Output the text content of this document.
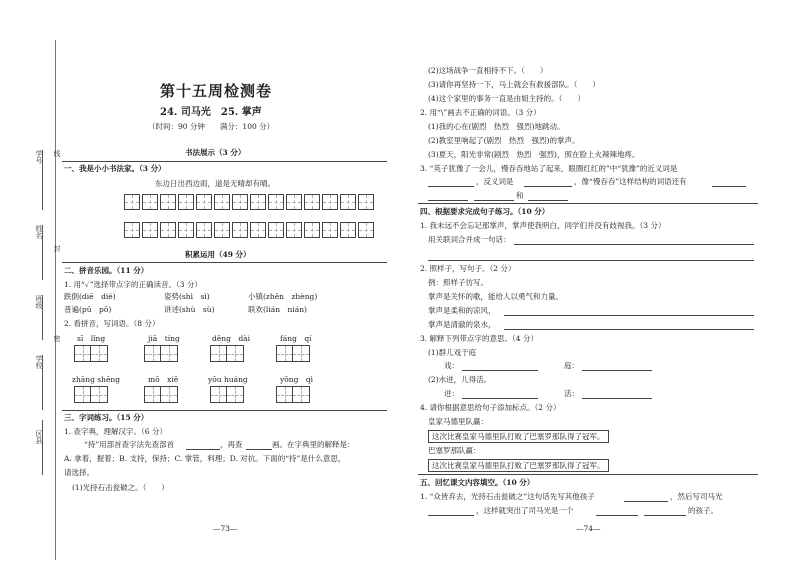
学号 线
姓名
封
班级
密
学校
区县
第十五周检测卷
24. 司马光　25. 掌声
（时间：90 分钟　　满分：100 分）
书法展示（3 分）
一、我是小小书法家。（3 分）
东边日出西边雨，道是无晴却有晴。
积累运用（49 分）
二、拼音乐园。（11 分）
1. 用“✓”选择带点字的正确读音。（3 分）
跌倒(diē　dié)	姿势(shì　sì)	小镇(zhēn　zhèng)
普遍(pǔ　pō)	讲述(shù　sù)	联欢(lián　nián)
2. 看拼音，写词语。（8 分）
sī　lǐng	jiā　tíng	děng　dài	fáng　qí
zhāng shēng	mō　xiě	yōu huáng	yǒng　qì
三、字词练习。（15 分）
1. 查字典，理解汉字。（6 分）
“持”用部首查字法先查部首	，再查	画。在字典里的解释是：
A. 拿着，握着；B. 支持，保持；C. 掌管，料理；D. 对抗。下面的“持”是什么意思，
请选择。
(1)光持石击瓮破之。（　　）
—73—
(2)这场战争一直相持不下。（　　）
(3)请你再坚持一下，马上就会有救援部队。（　　）
(4)这个家里的事务一直是由姐主持的。（　　）
2. 用“\”画去不正确的词语。（3 分）
(1)我的心在(剧烈　热烈　强烈)地跳动。
(2)教室里响起了(剧烈　热烈　强烈)的掌声。
(3)夏天，阳光非常(剧烈　热烈　强烈)，照在脸上火辣辣地疼。
3. “英子犹豫了一会儿，慢吞吞地站了起来，眼圈红红的”中“犹豫”的近义词是
，反义词是	，像“慢吞吞”这样结构的词语还有
和
四、根据要求完成句子练习。（10 分）
1. 我未远不会忘记那掌声，掌声使我明白，同学们并没有歧视我。（3 分）
用关联词合并成一句话：
2. 照样子，写句子。（2 分）
例：照样子仿写。
掌声是关怀的歌，能给人以勇气和力量。
掌声是柔和的凉风，
掌声是清澈的泉水，
3. 解释下列带点字的意思。（4 分）
(1)群儿戏于庭
戏：	庭：
(2)水迸，儿得活。
迸：	活：
4. 请你根据意思给句子添加标点。（2 分）
皇家马德里队赢：
这次比赛皇家马德里队打败了巴塞罗那队得了冠军。
巴塞罗那队赢：
这次比赛皇家马德里队打败了巴塞罗那队得了冠军。
五、回忆课文内容填空。（10 分）
1. “众皆弃去，光持石击瓮破之”这句话先写其他孩子	，然后写司马光
，这样就突出了司马光是一个	的孩子。
—74—
